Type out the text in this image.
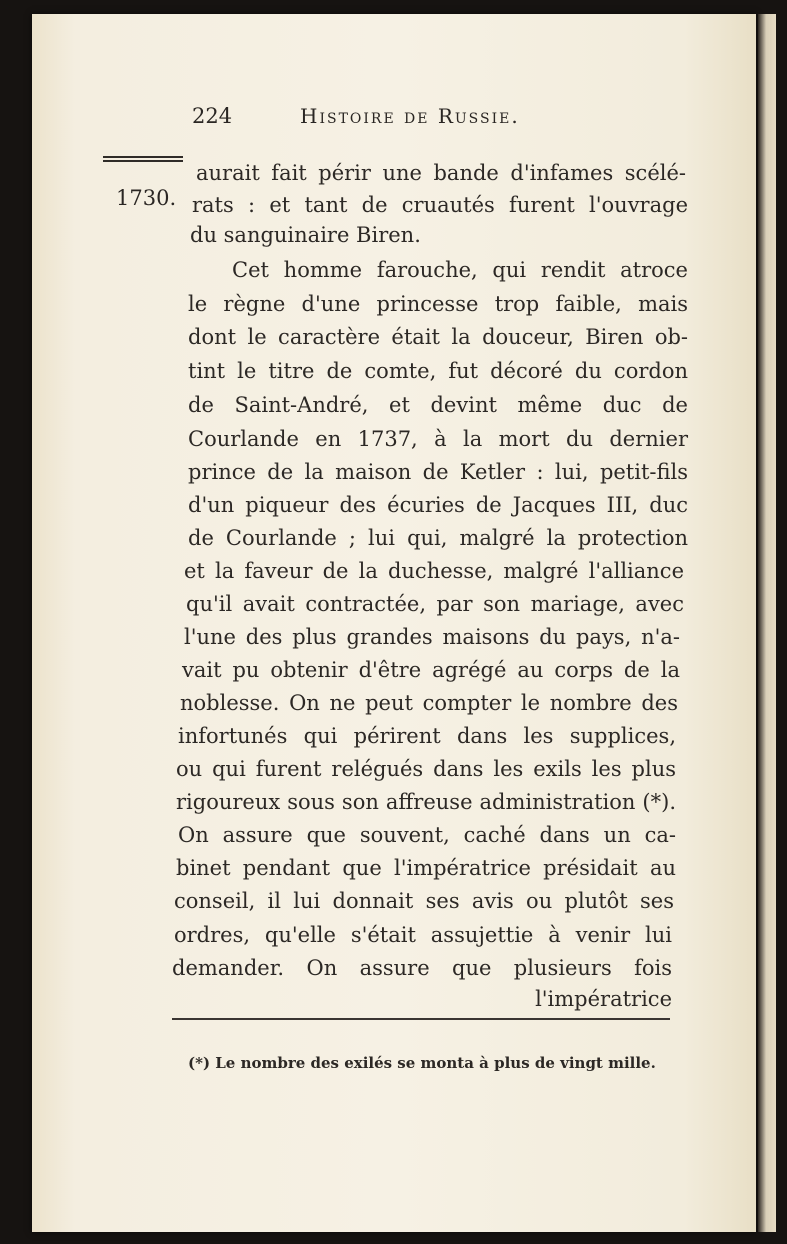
224	Histoire de Russie.
1730.
aurait fait périr une bande d'infames scélé-
rats : et tant de cruautés furent l'ouvrage
du sanguinaire Biren.
Cet homme farouche, qui rendit atroce
le règne d'une princesse trop faible, mais
dont le caractère était la douceur, Biren ob-
tint le titre de comte, fut décoré du cordon
de Saint-André, et devint même duc de
Courlande en 1737, à la mort du dernier
prince de la maison de Ketler : lui, petit-fils
d'un piqueur des écuries de Jacques III, duc
de Courlande ; lui qui, malgré la protection
et la faveur de la duchesse, malgré l'alliance
qu'il avait contractée, par son mariage, avec
l'une des plus grandes maisons du pays, n'a-
vait pu obtenir d'être agrégé au corps de la
noblesse. On ne peut compter le nombre des
infortunés qui périrent dans les supplices,
ou qui furent relégués dans les exils les plus
rigoureux sous son affreuse administration (*).
On assure que souvent, caché dans un ca-
binet pendant que l'impératrice présidait au
conseil, il lui donnait ses avis ou plutôt ses
ordres, qu'elle s'était assujettie à venir lui
demander. On assure que plusieurs fois
l'impératrice
(*) Le nombre des exilés se monta à plus de vingt mille.
